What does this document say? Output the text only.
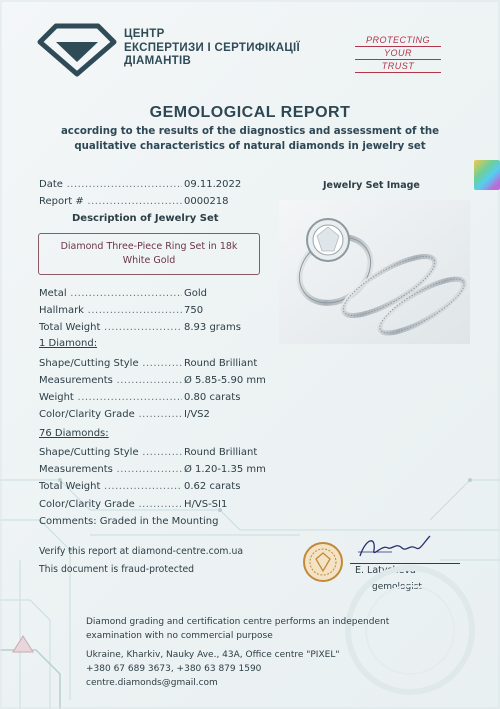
ЦЕНТР
ЕКСПЕРТИЗИ І СЕРТИФІКАЦІЇ
ДІАМАНТІВ
PROTECTING
YOUR
TRUST
GEMOLOGICAL REPORT
according to the results of the diagnostics and assessment of the
qualitative characteristics of natural diamonds in jewelry set
Date .....	09.11.2022
Report # .....	0000218
Description of Jewelry Set
Diamond Three-Piece Ring Set in 18k
White Gold
Jewelry Set Image
Metal .....	Gold
Hallmark .....	750
Total Weight .....	8.93 grams
1 Diamond:
Shape/Cutting Style .....	Round Brilliant
Measurements .....	Ø 5.85-5.90 mm
Weight .....	0.80 carats
Color/Clarity Grade .....	I/VS2
76 Diamonds:
Shape/Cutting Style .....	Round Brilliant
Measurements .....	Ø 1.20-1.35 mm
Total Weight .....	0.62 carats
Color/Clarity Grade .....	H/VS-SI1
Comments: Graded in the Mounting
Verify this report at diamond-centre.com.ua
This document is fraud-protected	E. Latysheva
gemologist
Diamond grading and certification centre performs an independent
examination with no commercial purpose
Ukraine, Kharkiv, Nauky Ave., 43A, Office centre "PIXEL"
+380 67 689 3673, +380 63 879 1590
centre.diamonds@gmail.com
